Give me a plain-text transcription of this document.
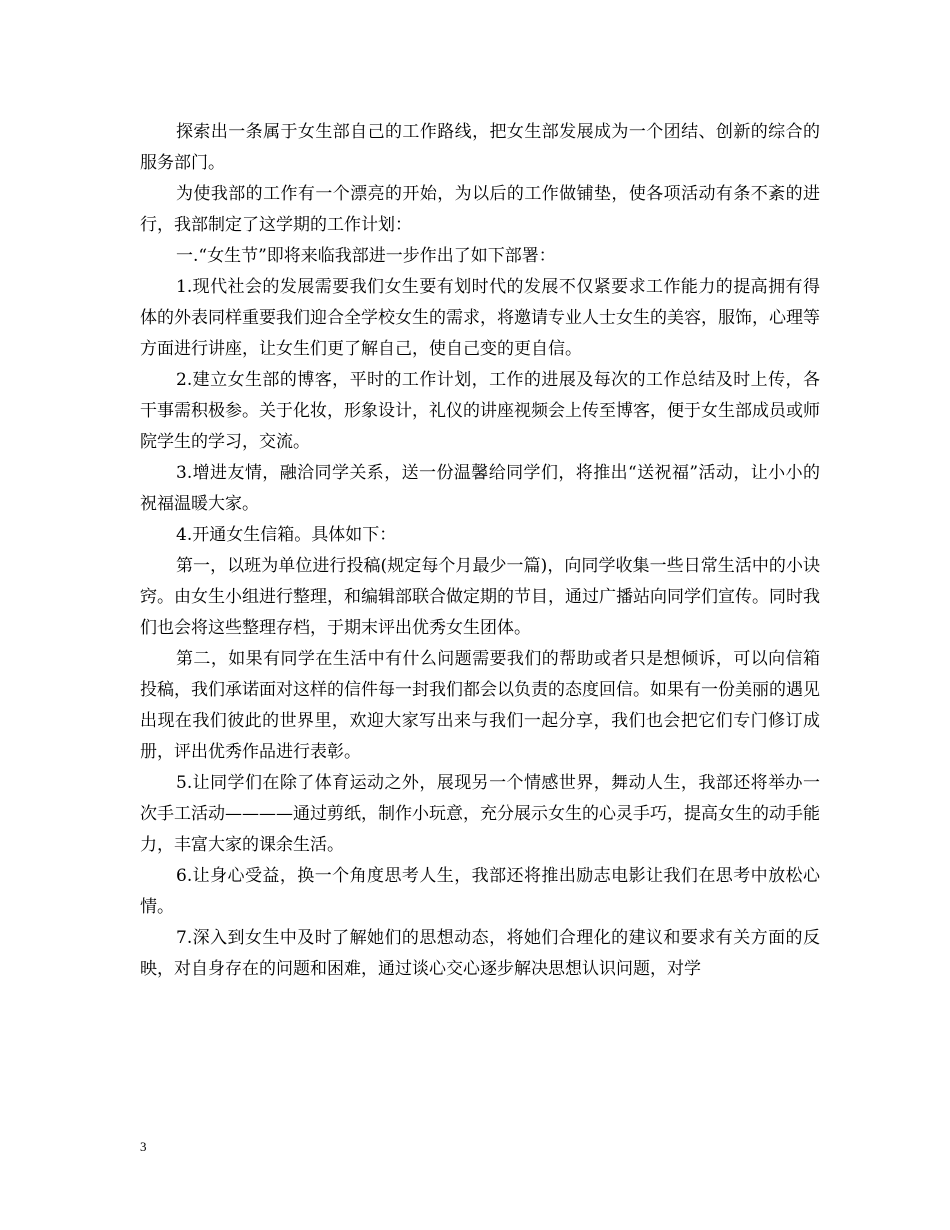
探索出一条属于女生部自己的工作路线，把女生部发展成为一个团结、创新的综合的服务部门。

为使我部的工作有一个漂亮的开始，为以后的工作做铺垫，使各项活动有条不紊的进行，我部制定了这学期的工作计划：

一.“女生节”即将来临我部进一步作出了如下部署：

1.现代社会的发展需要我们女生要有划时代的发展不仅紧要求工作能力的提高拥有得体的外表同样重要我们迎合全学校女生的需求，将邀请专业人士女生的美容，服饰，心理等方面进行讲座，让女生们更了解自己，使自己变的更自信。

2.建立女生部的博客，平时的工作计划，工作的进展及每次的工作总结及时上传，各干事需积极参。关于化妆，形象设计，礼仪的讲座视频会上传至博客，便于女生部成员或师院学生的学习，交流。

3.增进友情，融洽同学关系，送一份温馨给同学们，将推出“送祝福”活动，让小小的祝福温暖大家。

4.开通女生信箱。具体如下：

第一，以班为单位进行投稿(规定每个月最少一篇)，向同学收集一些日常生活中的小诀窍。由女生小组进行整理，和编辑部联合做定期的节目，通过广播站向同学们宣传。同时我们也会将这些整理存档，于期末评出优秀女生团体。

第二，如果有同学在生活中有什么问题需要我们的帮助或者只是想倾诉，可以向信箱投稿，我们承诺面对这样的信件每一封我们都会以负责的态度回信。如果有一份美丽的遇见出现在我们彼此的世界里，欢迎大家写出来与我们一起分享，我们也会把它们专门修订成册，评出优秀作品进行表彰。

5.让同学们在除了体育运动之外，展现另一个情感世界，舞动人生，我部还将举办一次手工活动————通过剪纸，制作小玩意，充分展示女生的心灵手巧，提高女生的动手能力，丰富大家的课余生活。

6.让身心受益，换一个角度思考人生，我部还将推出励志电影让我们在思考中放松心情。

7.深入到女生中及时了解她们的思想动态，将她们合理化的建议和要求有关方面的反映，对自身存在的问题和困难，通过谈心交心逐步解决思想认识问题，对学

3
